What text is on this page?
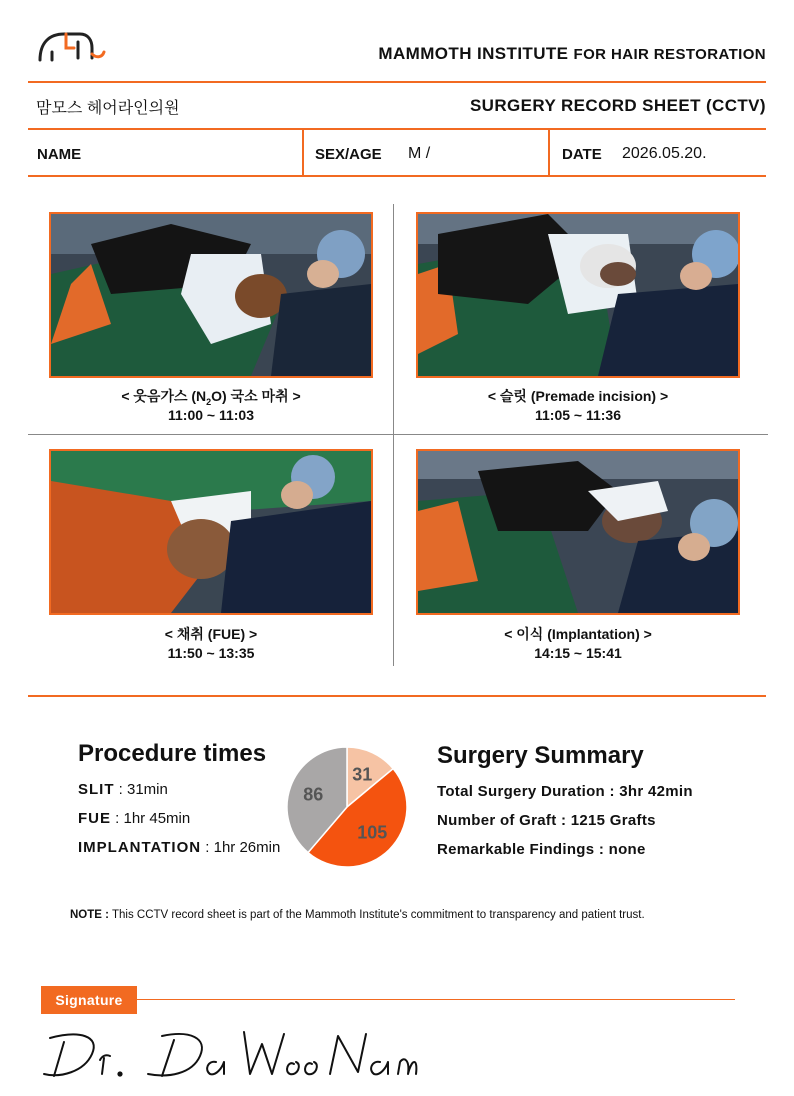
MAMMOTH INSTITUTE FOR HAIR RESTORATION
맘모스 헤어라인의원	SURGERY RECORD SHEET (CCTV)
NAME	SEX/AGE M /	DATE 2026.05.20.
< 웃음가스 $(N_2O)$ 국소 마취 >
11:00 ~ 11:03
< 슬릿 (Premade incision) >
11:05 ~ 11:36
< 채취 (FUE) >
11:50 ~ 13:35
< 이식 (Implantation) >
14:15 ~ 15:41
Procedure times
SLIT : 31min
FUE : 1hr 45min
IMPLANTATION : 1hr 26min
31
105
86
Surgery Summary
Total Surgery Duration : 3hr 42min
Number of Graft : 1215 Grafts
Remarkable Findings : none
NOTE : This CCTV record sheet is part of the Mammoth Institute's commitment to transparency and patient trust.
Signature
